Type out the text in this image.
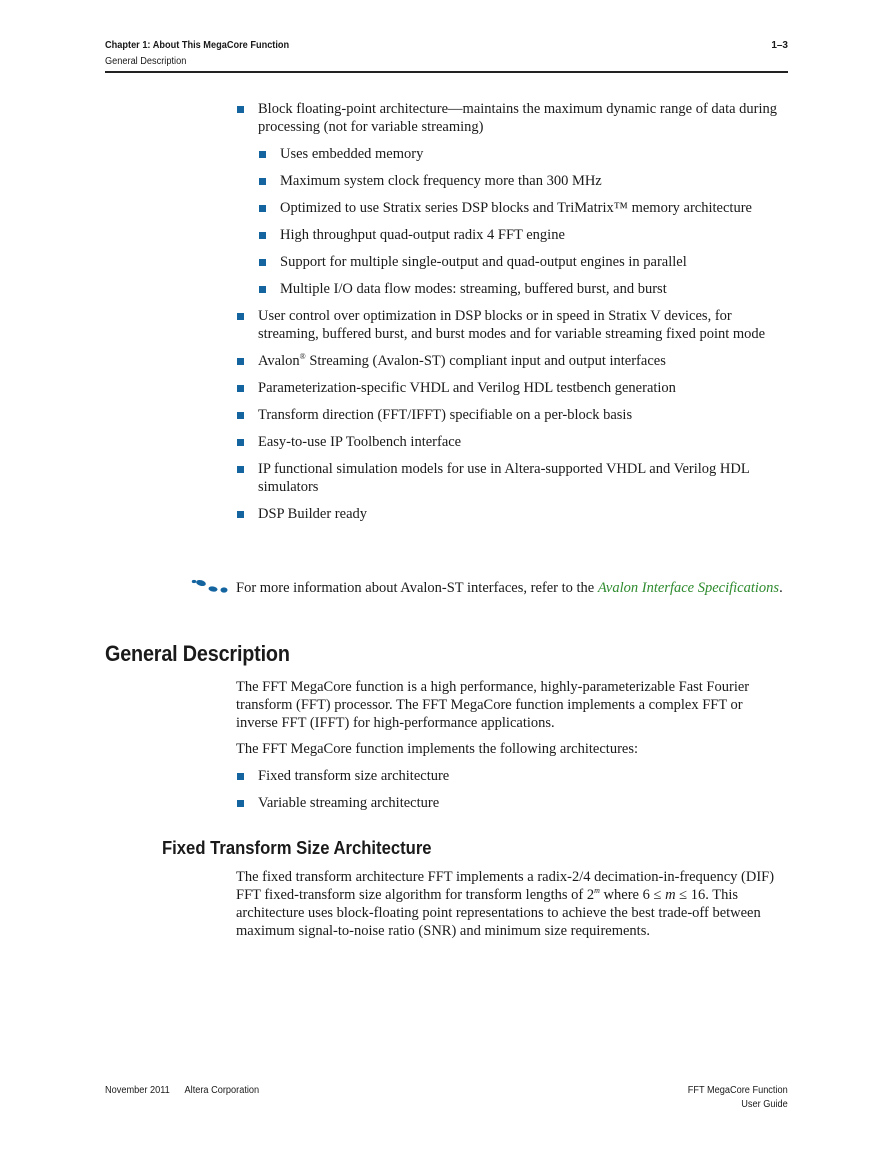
Chapter 1: About This MegaCore Function
General Description
1–3
Block floating-point architecture—maintains the maximum dynamic range of data during processing (not for variable streaming)
Uses embedded memory
Maximum system clock frequency more than 300 MHz
Optimized to use Stratix series DSP blocks and TriMatrix™ memory architecture
High throughput quad-output radix 4 FFT engine
Support for multiple single-output and quad-output engines in parallel
Multiple I/O data flow modes: streaming, buffered burst, and burst
User control over optimization in DSP blocks or in speed in Stratix V devices, for streaming, buffered burst, and burst modes and for variable streaming fixed point mode
Avalon® Streaming (Avalon-ST) compliant input and output interfaces
Parameterization-specific VHDL and Verilog HDL testbench generation
Transform direction (FFT/IFFT) specifiable on a per-block basis
Easy-to-use IP Toolbench interface
IP functional simulation models for use in Altera-supported VHDL and Verilog HDL simulators
DSP Builder ready
For more information about Avalon-ST interfaces, refer to the Avalon Interface Specifications.
General Description

The FFT MegaCore function is a high performance, highly-parameterizable Fast Fourier transform (FFT) processor. The FFT MegaCore function implements a complex FFT or inverse FFT (IFFT) for high-performance applications.

The FFT MegaCore function implements the following architectures:

Fixed transform size architecture
Variable streaming architecture
Fixed Transform Size Architecture

The fixed transform architecture FFT implements a radix-2/4 decimation-in-frequency (DIF) FFT fixed-transform size algorithm for transform lengths of 2$^m$ where 6 ≤ m ≤ 16. This architecture uses block-floating point representations to achieve the best trade-off between maximum signal-to-noise ratio (SNR) and minimum size requirements.

November 2011 Altera Corporation	FFT MegaCore Function
User Guide
